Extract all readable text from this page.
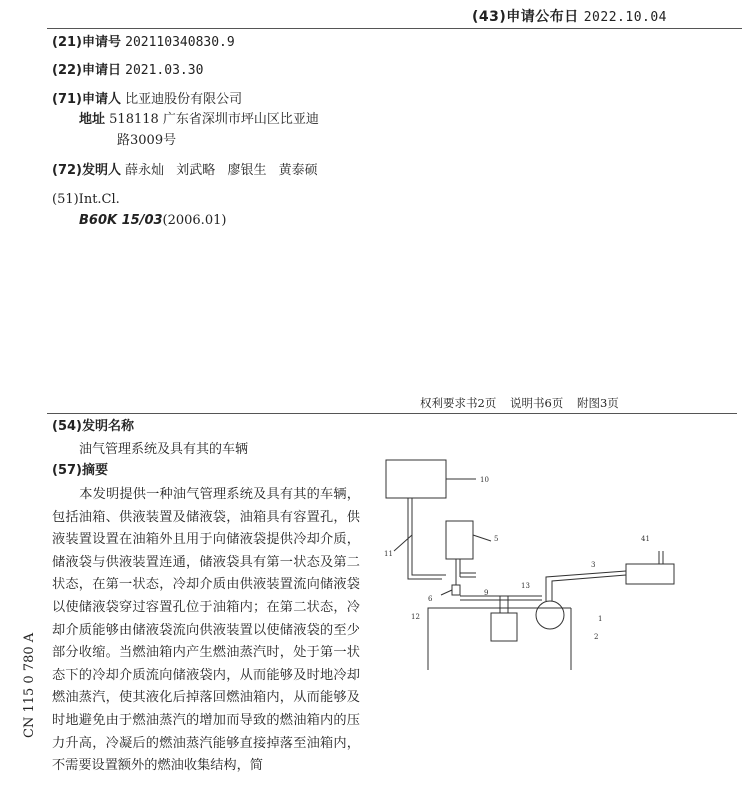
(43)申请公布日 2022.10.04
(21)申请号 202110340830.9
(22)申请日 2021.03.30
(71)申请人 比亚迪股份有限公司
地址 518118 广东省深圳市坪山区比亚迪
路3009号
(72)发明人 薛永灿 刘武略 廖银生 黄泰硕
(51)Int.Cl.
B60K 15/03(2006.01)
权利要求书2页 说明书6页 附图3页
(54)发明名称
油气管理系统及具有其的车辆
(57)摘要
本发明提供一种油气管理系统及具有其的车辆，包括油箱、供液装置及储液袋，油箱具有容置孔，供液装置设置在油箱外且用于向储液袋提供冷却介质，储液袋与供液装置连通，储液袋具有第一状态及第二状态，在第一状态，冷却介质由供液装置流向储液袋以使储液袋穿过容置孔位于油箱内；在第二状态，冷却介质能够由储液袋流向供液装置以使储液袋的至少部分收缩。当燃油箱内产生燃油蒸汽时，处于第一状态下的冷却介质流向储液袋内，从而能够及时地冷却燃油蒸汽，使其液化后掉落回燃油箱内，从而能够及时地避免由于燃油蒸汽的增加而导致的燃油箱内的压力升高，冷凝后的燃油蒸汽能够直接掉落至油箱内，不需要设置额外的燃油收集结构，简
CN 115 0 780 A
10
5
11
41
3
13
6
9
12	1
2
